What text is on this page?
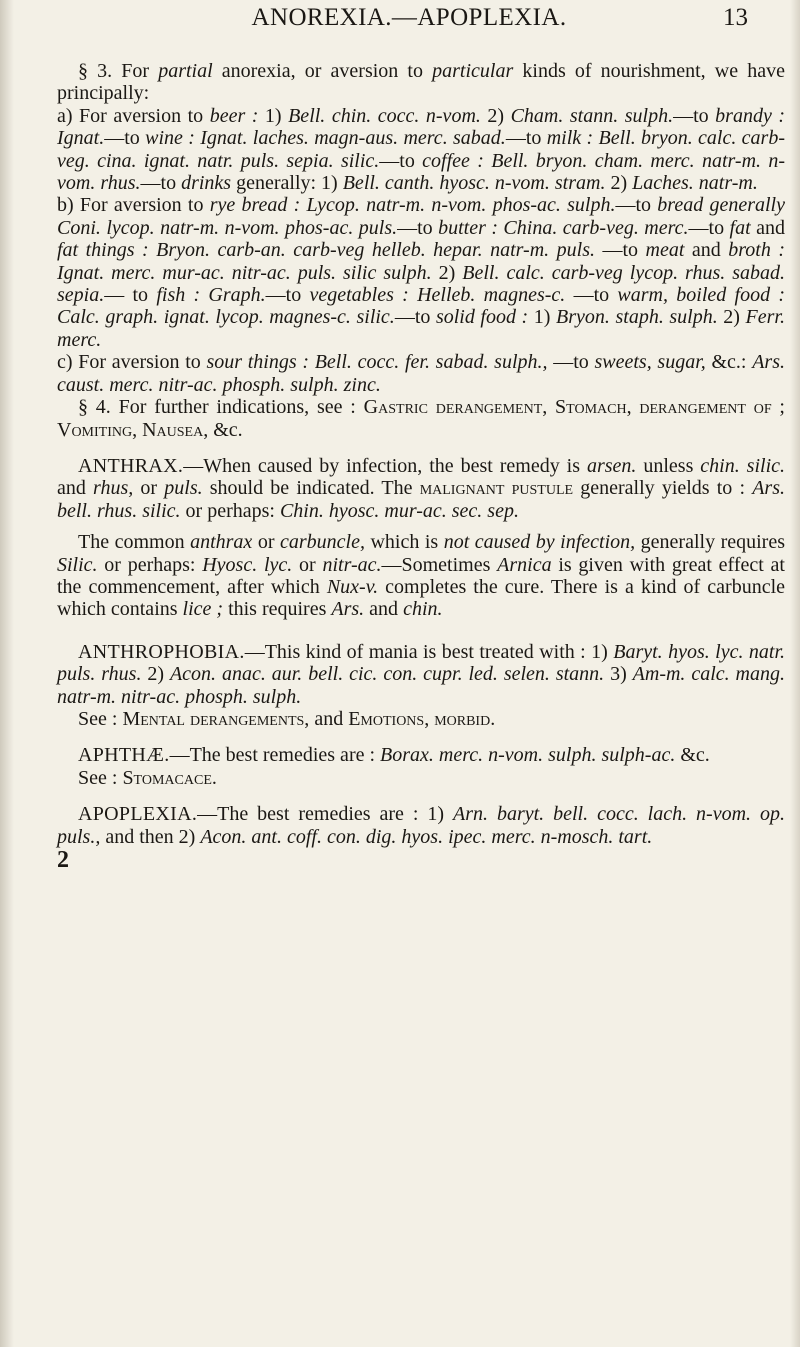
ANOREXIA.—APOPLEXIA.	13

§ 3. For partial anorexia, or aversion to particular kinds of nourishment, we have principally:

a) For aversion to beer : 1) Bell. chin. cocc. n-vom. 2) Cham. stann. sulph.—to brandy : Ignat.—to wine : Ignat. laches. magn-aus. merc. sabad.—to milk : Bell. bryon. calc. carb-veg. cina. ignat. natr. puls. sepia. silic.—to coffee : Bell. bryon. cham. merc. natr-m. n-vom. rhus.—to drinks generally: 1) Bell. canth. hyosc. n-vom. stram. 2) Laches. natr-m.

b) For aversion to rye bread : Lycop. natr-m. n-vom. phos-ac. sulph.—to bread generally Coni. lycop. natr-m. n-vom. phos-ac. puls.—to butter : China. carb-veg. merc.—to fat and fat things : Bryon. carb-an. carb-veg helleb. hepar. natr-m. puls. —to meat and broth : Ignat. merc. mur-ac. nitr-ac. puls. silic sulph. 2) Bell. calc. carb-veg lycop. rhus. sabad. sepia.— to fish : Graph.—to vegetables : Helleb. magnes-c. —to warm, boiled food : Calc. graph. ignat. lycop. magnes-c. silic.—to solid food : 1) Bryon. staph. sulph. 2) Ferr. merc.

c) For aversion to sour things : Bell. cocc. fer. sabad. sulph., —to sweets, sugar, &c.: Ars. caust. merc. nitr-ac. phosph. sulph. zinc.

§ 4. For further indications, see : Gastric derangement, Stomach, derangement of ; Vomiting, Nausea, &c.

ANTHRAX.—When caused by infection, the best remedy is arsen. unless chin. silic. and rhus, or puls. should be indicated. The malignant pustule generally yields to : Ars. bell. rhus. silic. or perhaps: Chin. hyosc. mur-ac. sec. sep.

The common anthrax or carbuncle, which is not caused by infection, generally requires Silic. or perhaps: Hyosc. lyc. or nitr-ac.—Sometimes Arnica is given with great effect at the commencement, after which Nux-v. completes the cure. There is a kind of carbuncle which contains lice ; this requires Ars. and chin.

ANTHROPHOBIA.—This kind of mania is best treated with : 1) Baryt. hyos. lyc. natr. puls. rhus. 2) Acon. anac. aur. bell. cic. con. cupr. led. selen. stann. 3) Am-m. calc. mang. natr-m. nitr-ac. phosph. sulph.

See : Mental derangements, and Emotions, morbid.

APHTHÆ.—The best remedies are : Borax. merc. n-vom. sulph. sulph-ac. &c.

See : Stomacace.

APOPLEXIA.—The best remedies are : 1) Arn. baryt. bell. cocc. lach. n-vom. op. puls., and then 2) Acon. ant. coff. con. dig. hyos. ipec. merc. n-mosch. tart.

2
